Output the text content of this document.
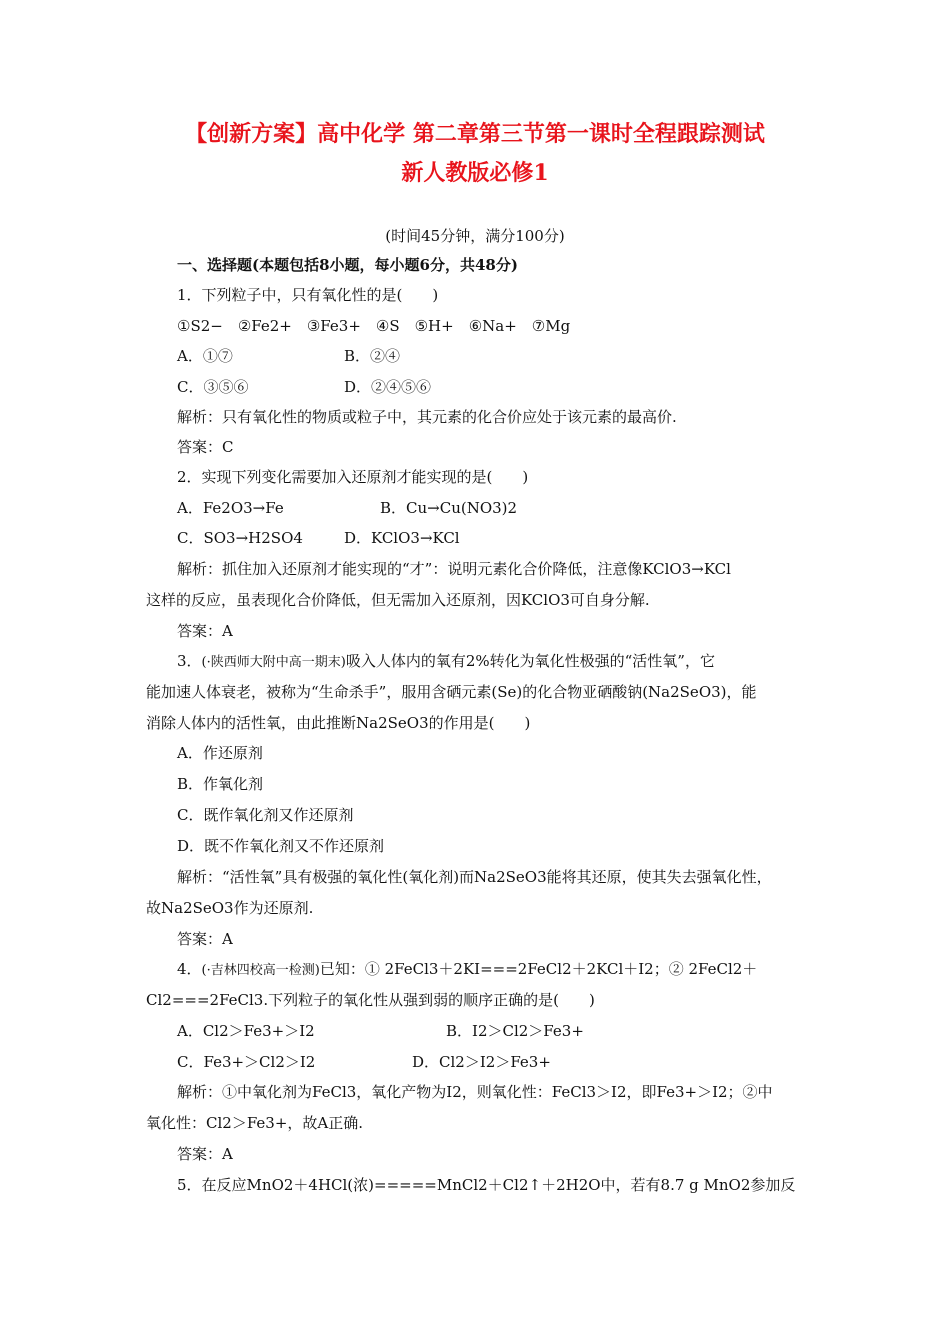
【创新方案】高中化学 第二章第三节第一课时全程跟踪测试
新人教版必修1
(时间45分钟，满分100分)
一、选择题(本题包括8小题，每小题6分，共48分)
1．下列粒子中，只有氧化性的是(　　)
①S2−　②Fe2+　③Fe3+　④S　⑤H+　⑥Na+　⑦Mg
A．①⑦	B．②④
C．③⑤⑥	D．②④⑤⑥
解析：只有氧化性的物质或粒子中，其元素的化合价应处于该元素的最高价.
答案：C
2．实现下列变化需要加入还原剂才能实现的是(　　)
A．Fe2O3→Fe	B．Cu→Cu(NO3)2
C．SO3→H2SO4	D．KClO3→KCl
解析：抓住加入还原剂才能实现的“才”：说明元素化合价降低，注意像KClO3→KCl
这样的反应，虽表现化合价降低，但无需加入还原剂，因KClO3可自身分解.
答案：A
3．(·陕西师大附中高一期末)吸入人体内的氧有2%转化为氧化性极强的“活性氧”，它
能加速人体衰老，被称为“生命杀手”，服用含硒元素(Se)的化合物亚硒酸钠(Na2SeO3)，能
消除人体内的活性氧，由此推断Na2SeO3的作用是(　　)
A．作还原剂
B．作氧化剂
C．既作氧化剂又作还原剂
D．既不作氧化剂又不作还原剂
解析：“活性氧”具有极强的氧化性(氧化剂)而Na2SeO3能将其还原，使其失去强氧化性，
故Na2SeO3作为还原剂.
答案：A
4．(·吉林四校高一检测)已知：① 2FeCl3＋2KI===2FeCl2＋2KCl＋I2；② 2FeCl2＋
Cl2===2FeCl3.下列粒子的氧化性从强到弱的顺序正确的是(　　)
A．Cl2＞Fe3+＞I2	B．I2＞Cl2＞Fe3+
C．Fe3+＞Cl2＞I2	D．Cl2＞I2＞Fe3+
解析：①中氧化剂为FeCl3，氧化产物为I2，则氧化性：FeCl3＞I2，即Fe3+＞I2；②中
氧化性：Cl2＞Fe3+，故A正确.
答案：A
5．在反应MnO2＋4HCl(浓)=====MnCl2＋Cl2↑＋2H2O中，若有8.7 g MnO2参加反
